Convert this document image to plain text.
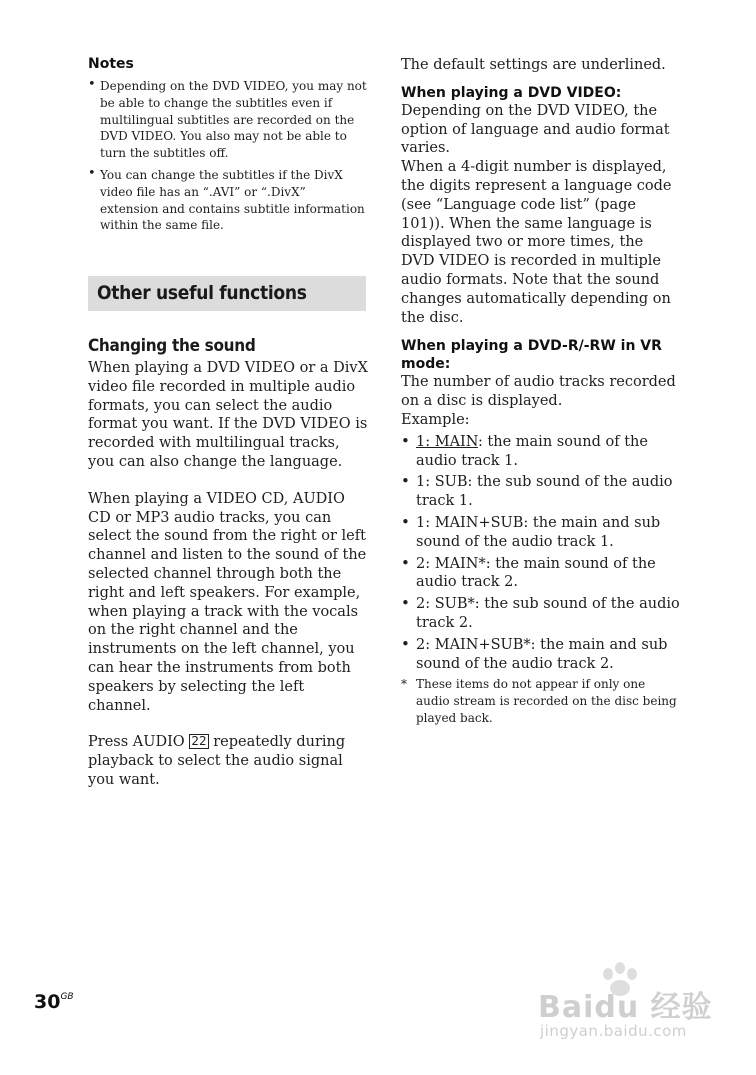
Notes
• Depending on the DVD VIDEO, you may not be able to change the subtitles even if multilingual subtitles are recorded on the DVD VIDEO. You also may not be able to turn the subtitles off.
• You can change the subtitles if the DivX video file has an “.AVI” or “.DivX” extension and contains subtitle information within the same file.
Other useful functions
Changing the sound

When playing a DVD VIDEO or a DivX video file recorded in multiple audio formats, you can select the audio format you want. If the DVD VIDEO is recorded with multilingual tracks, you can also change the language.

When playing a VIDEO CD, AUDIO CD or MP3 audio tracks, you can select the sound from the right or left channel and listen to the sound of the selected channel through both the right and left speakers. For example, when playing a track with the vocals on the right channel and the instruments on the left channel, you can hear the instruments from both speakers by selecting the left channel.

Press AUDIO 22 repeatedly during playback to select the audio signal you want.

The default settings are underlined.

When playing a DVD VIDEO:

Depending on the DVD VIDEO, the option of language and audio format varies.

When a 4-digit number is displayed, the digits represent a language code (see “Language code list” (page 101)). When the same language is displayed two or more times, the DVD VIDEO is recorded in multiple audio formats. Note that the sound changes automatically depending on the disc.

When playing a DVD-R/-RW in VR mode:

The number of audio tracks recorded on a disc is displayed.

Example:

• 1: MAIN: the main sound of the audio track 1.
• 1: SUB: the sub sound of the audio track 1.
• 1: MAIN+SUB: the main and sub sound of the audio track 1.
• 2: MAIN*: the main sound of the audio track 2.
• 2: SUB*: the sub sound of the audio track 2.
• 2: MAIN+SUB*: the main and sub sound of the audio track 2.
* These items do not appear if only one audio stream is recorded on the disc being played back.
$30^{GB}$	Baidu 经验
jingyan.baidu.com
